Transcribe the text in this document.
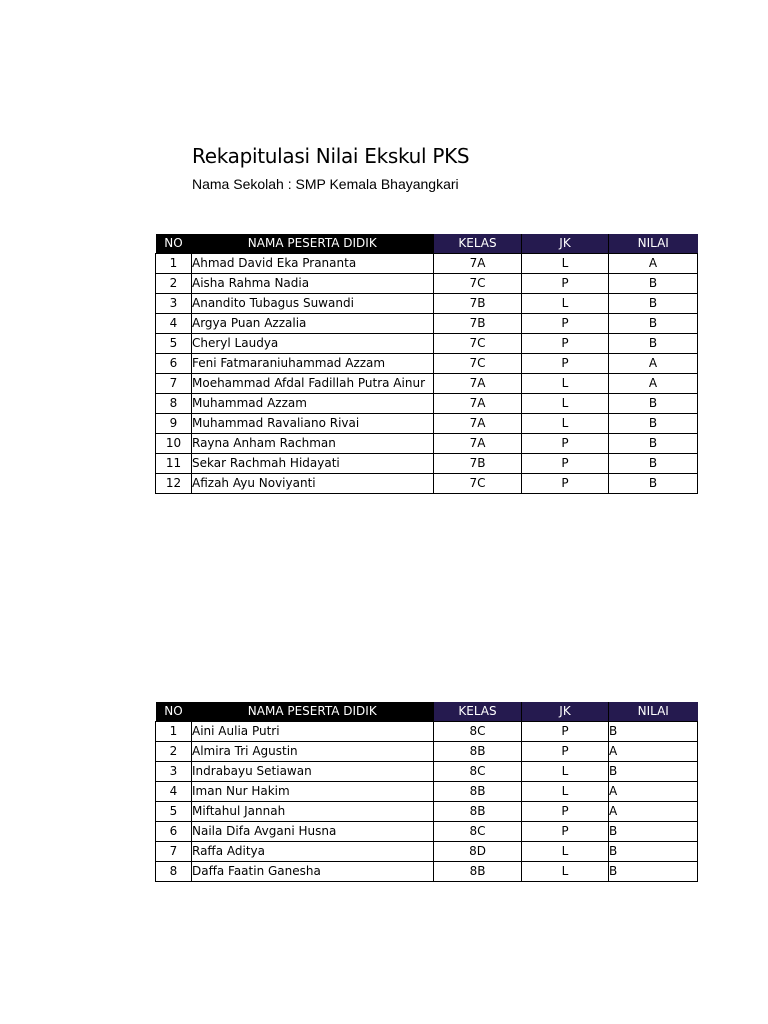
Rekapitulasi Nilai Ekskul PKS
Nama Sekolah : SMP Kemala Bhayangkari
NO	NAMA PESERTA DIDIK	KELAS	JK	NILAI
1	Ahmad David Eka Prananta	7A	L	A
2	Aisha Rahma Nadia	7C	P	B
3	Anandito Tubagus Suwandi	7B	L	B
4	Argya Puan Azzalia	7B	P	B
5	Cheryl Laudya	7C	P	B
6	Feni Fatmaraniuhammad Azzam	7C	P	A
7	Moehammad Afdal Fadillah Putra Ainur	7A	L	A
8	Muhammad Azzam	7A	L	B
9	Muhammad Ravaliano Rivai	7A	L	B
10	Rayna Anham Rachman	7A	P	B
11	Sekar Rachmah Hidayati	7B	P	B
12	Afizah Ayu Noviyanti	7C	P	B
NO	NAMA PESERTA DIDIK	KELAS	JK	NILAI
1	Aini Aulia Putri	8C	P	B
2	Almira Tri Agustin	8B	P	A
3	Indrabayu Setiawan	8C	L	B
4	Iman Nur Hakim	8B	L	A
5	Miftahul Jannah	8B	P	A
6	Naila Difa Avgani Husna	8C	P	B
7	Raffa Aditya	8D	L	B
8	Daffa Faatin Ganesha	8B	L	B
